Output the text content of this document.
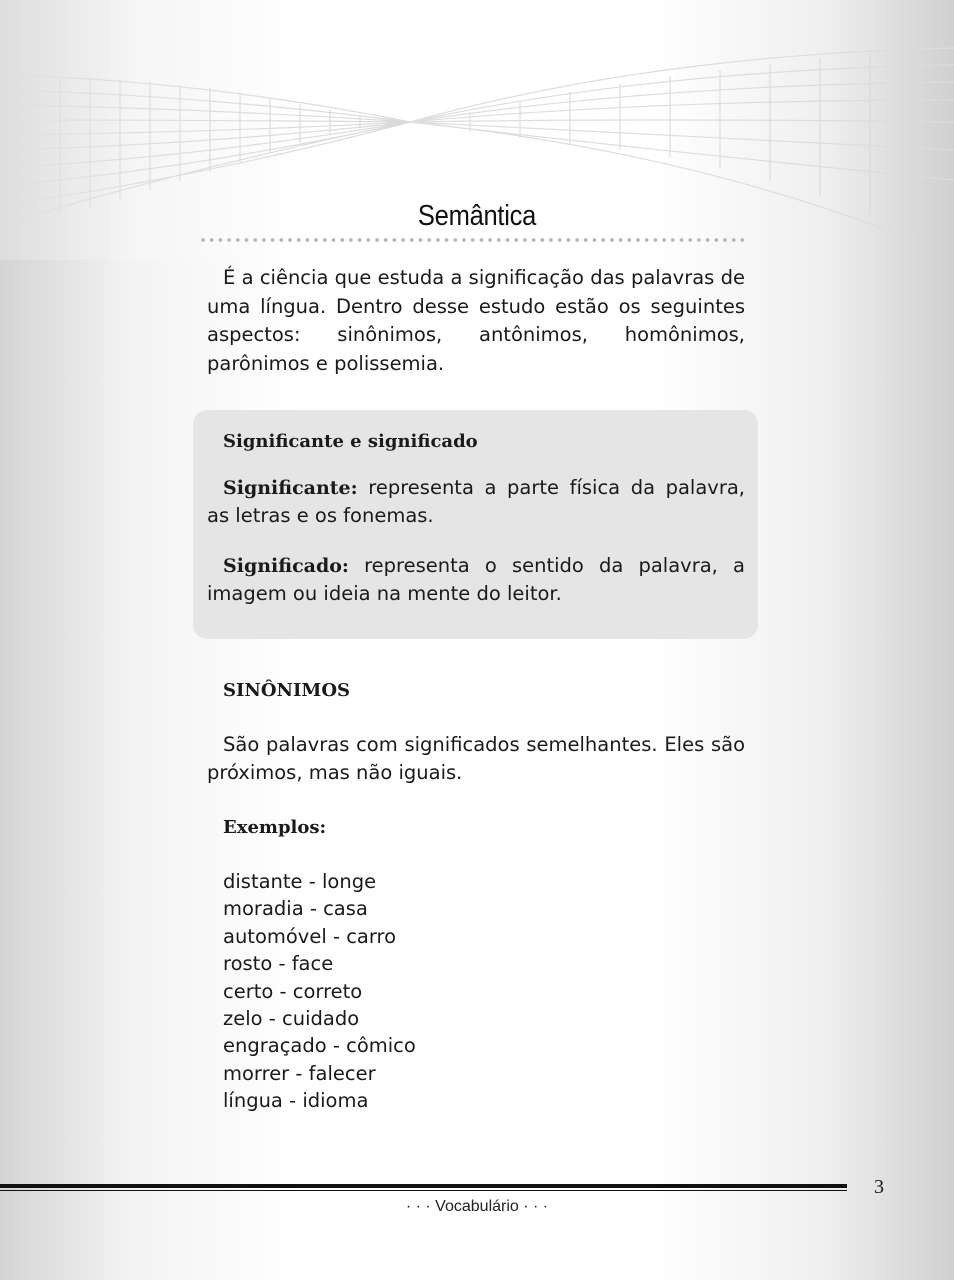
Semântica

É a ciência que estuda a significação das palavras de uma língua. Dentro desse estudo estão os seguintes aspectos: sinônimos, antônimos, homônimos, parônimos e polissemia.

Significante e significado

Significante: representa a parte física da palavra, as letras e os fonemas.

Significado: representa o sentido da palavra, a imagem ou ideia na mente do leitor.

SINÔNIMOS

São palavras com significados semelhantes. Eles são próximos, mas não iguais.

Exemplos:
distante - longe
moradia - casa
automóvel - carro
rosto - face
certo - correto
zelo - cuidado
engraçado - cômico
morrer - falecer
língua - idioma
3
· · · Vocabulário · · ·
